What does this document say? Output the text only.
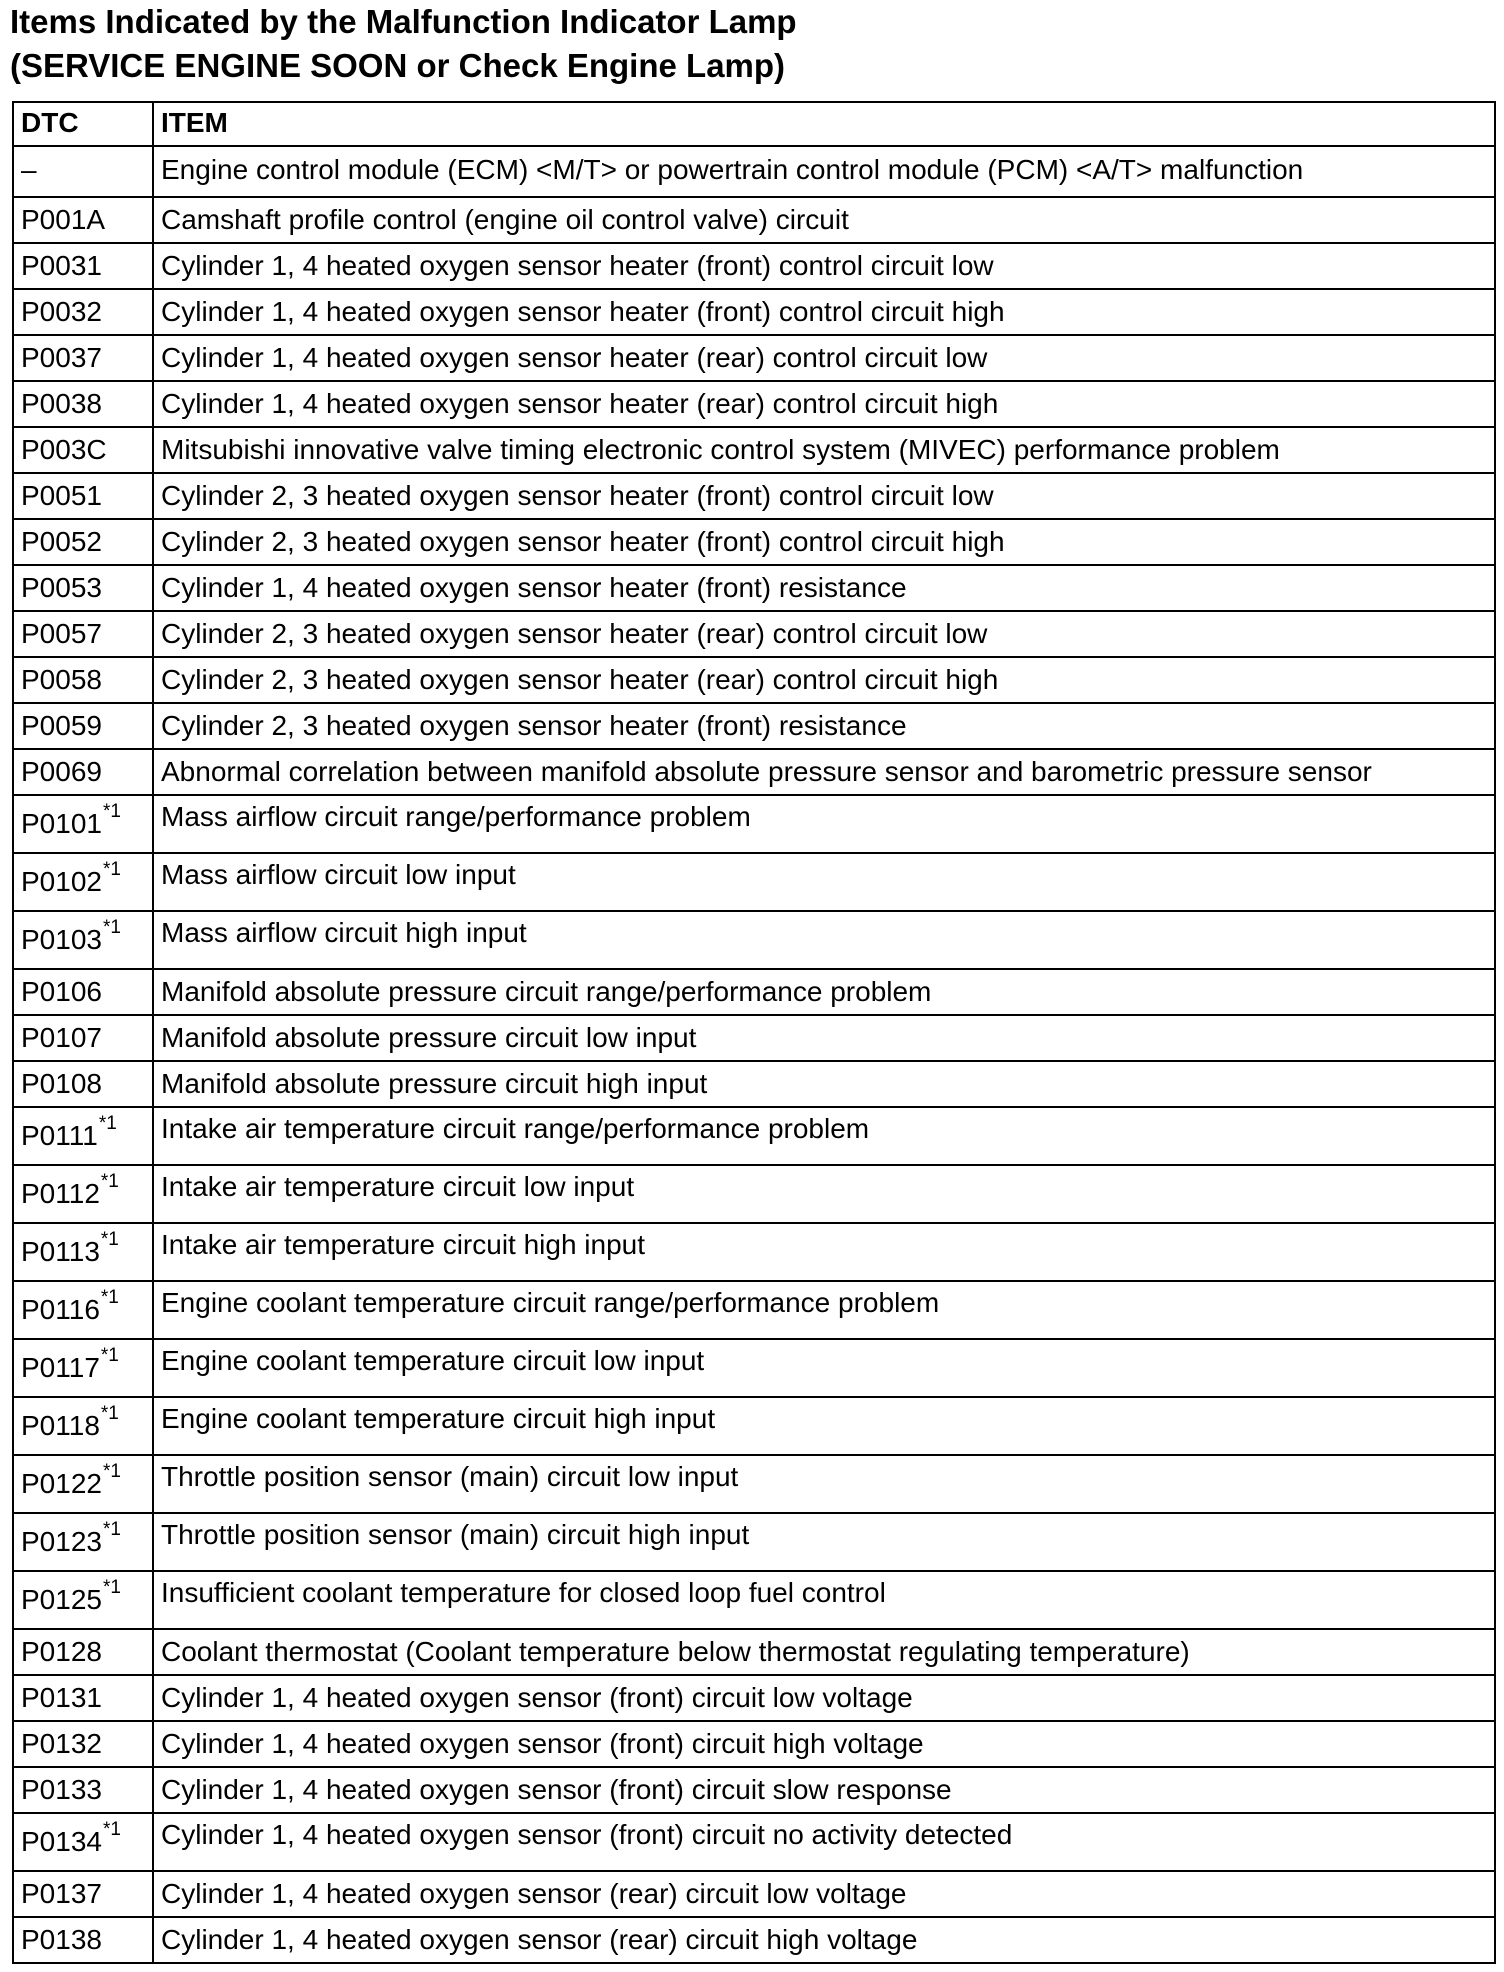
Items Indicated by the Malfunction Indicator Lamp
(SERVICE ENGINE SOON or Check Engine Lamp)
DTC	ITEM
–	Engine control module (ECM) <M/T> or powertrain control module (PCM) <A/T> malfunction
P001A	Camshaft profile control (engine oil control valve) circuit
P0031	Cylinder 1, 4 heated oxygen sensor heater (front) control circuit low
P0032	Cylinder 1, 4 heated oxygen sensor heater (front) control circuit high
P0037	Cylinder 1, 4 heated oxygen sensor heater (rear) control circuit low
P0038	Cylinder 1, 4 heated oxygen sensor heater (rear) control circuit high
P003C	Mitsubishi innovative valve timing electronic control system (MIVEC) performance problem
P0051	Cylinder 2, 3 heated oxygen sensor heater (front) control circuit low
P0052	Cylinder 2, 3 heated oxygen sensor heater (front) control circuit high
P0053	Cylinder 1, 4 heated oxygen sensor heater (front) resistance
P0057	Cylinder 2, 3 heated oxygen sensor heater (rear) control circuit low
P0058	Cylinder 2, 3 heated oxygen sensor heater (rear) control circuit high
P0059	Cylinder 2, 3 heated oxygen sensor heater (front) resistance
P0069	Abnormal correlation between manifold absolute pressure sensor and barometric pressure sensor
P0101$^{*1}$	Mass airflow circuit range/performance problem
P0102$^{*1}$	Mass airflow circuit low input
P0103$^{*1}$	Mass airflow circuit high input
P0106	Manifold absolute pressure circuit range/performance problem
P0107	Manifold absolute pressure circuit low input
P0108	Manifold absolute pressure circuit high input
P0111$^{*1}$	Intake air temperature circuit range/performance problem
P0112$^{*1}$	Intake air temperature circuit low input
P0113$^{*1}$	Intake air temperature circuit high input
P0116$^{*1}$	Engine coolant temperature circuit range/performance problem
P0117$^{*1}$	Engine coolant temperature circuit low input
P0118$^{*1}$	Engine coolant temperature circuit high input
P0122$^{*1}$	Throttle position sensor (main) circuit low input
P0123$^{*1}$	Throttle position sensor (main) circuit high input
P0125$^{*1}$	Insufficient coolant temperature for closed loop fuel control
P0128	Coolant thermostat (Coolant temperature below thermostat regulating temperature)
P0131	Cylinder 1, 4 heated oxygen sensor (front) circuit low voltage
P0132	Cylinder 1, 4 heated oxygen sensor (front) circuit high voltage
P0133	Cylinder 1, 4 heated oxygen sensor (front) circuit slow response
P0134$^{*1}$	Cylinder 1, 4 heated oxygen sensor (front) circuit no activity detected
P0137	Cylinder 1, 4 heated oxygen sensor (rear) circuit low voltage
P0138	Cylinder 1, 4 heated oxygen sensor (rear) circuit high voltage
